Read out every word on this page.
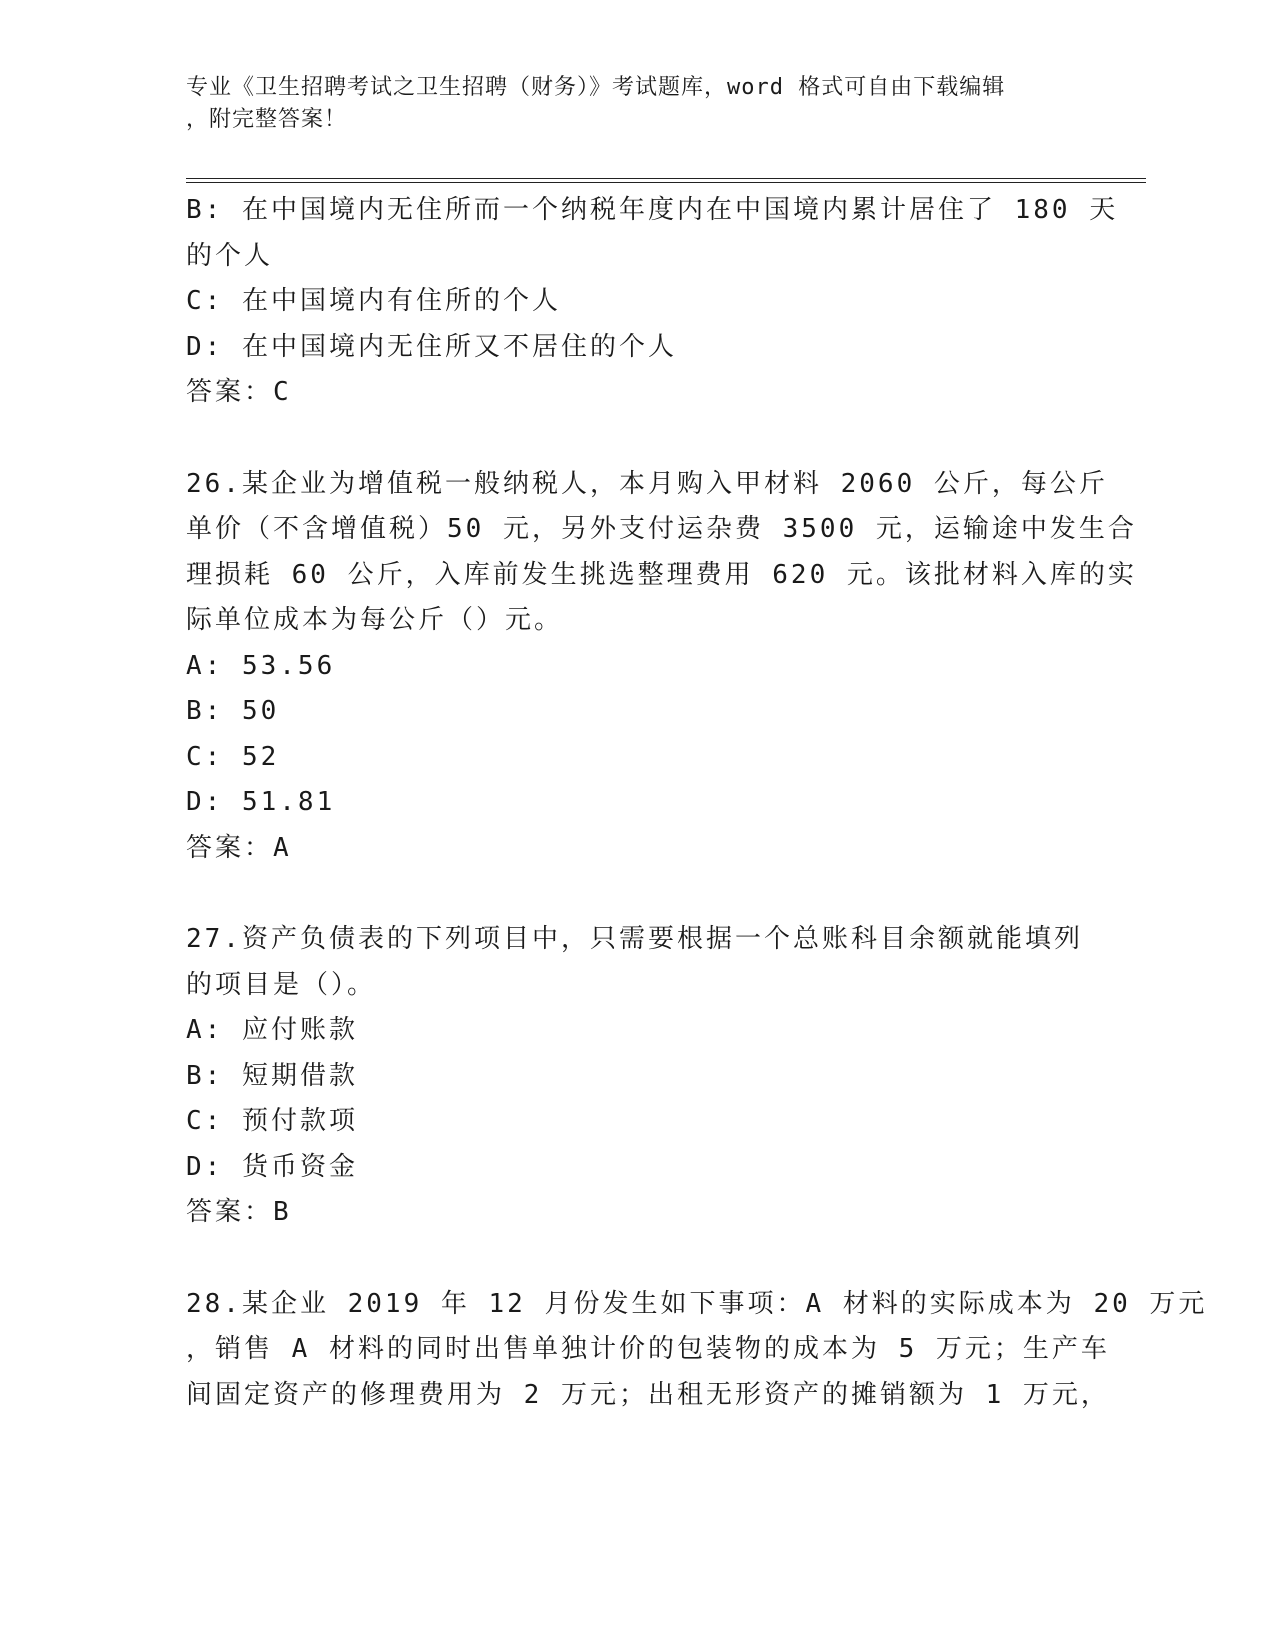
专业《卫生招聘考试之卫生招聘（财务）》考试题库，word 格式可自由下载编辑
，附完整答案！
B: 在中国境内无住所而一个纳税年度内在中国境内累计居住了 180 天
的个人
C: 在中国境内有住所的个人
D: 在中国境内无住所又不居住的个人
答案：C
26.某企业为增值税一般纳税人，本月购入甲材料 2060 公斤，每公斤
单价（不含增值税）50 元，另外支付运杂费 3500 元，运输途中发生合
理损耗 60 公斤，入库前发生挑选整理费用 620 元。该批材料入库的实
际单位成本为每公斤（）元。
A: 53.56
B: 50
C: 52
D: 51.81
答案：A
27.资产负债表的下列项目中，只需要根据一个总账科目余额就能填列
的项目是（）。
A: 应付账款
B: 短期借款
C: 预付款项
D: 货币资金
答案：B
28.某企业 2019 年 12 月份发生如下事项：A 材料的实际成本为 20 万元
，销售 A 材料的同时出售单独计价的包装物的成本为 5 万元；生产车
间固定资产的修理费用为 2 万元；出租无形资产的摊销额为 1 万元，
